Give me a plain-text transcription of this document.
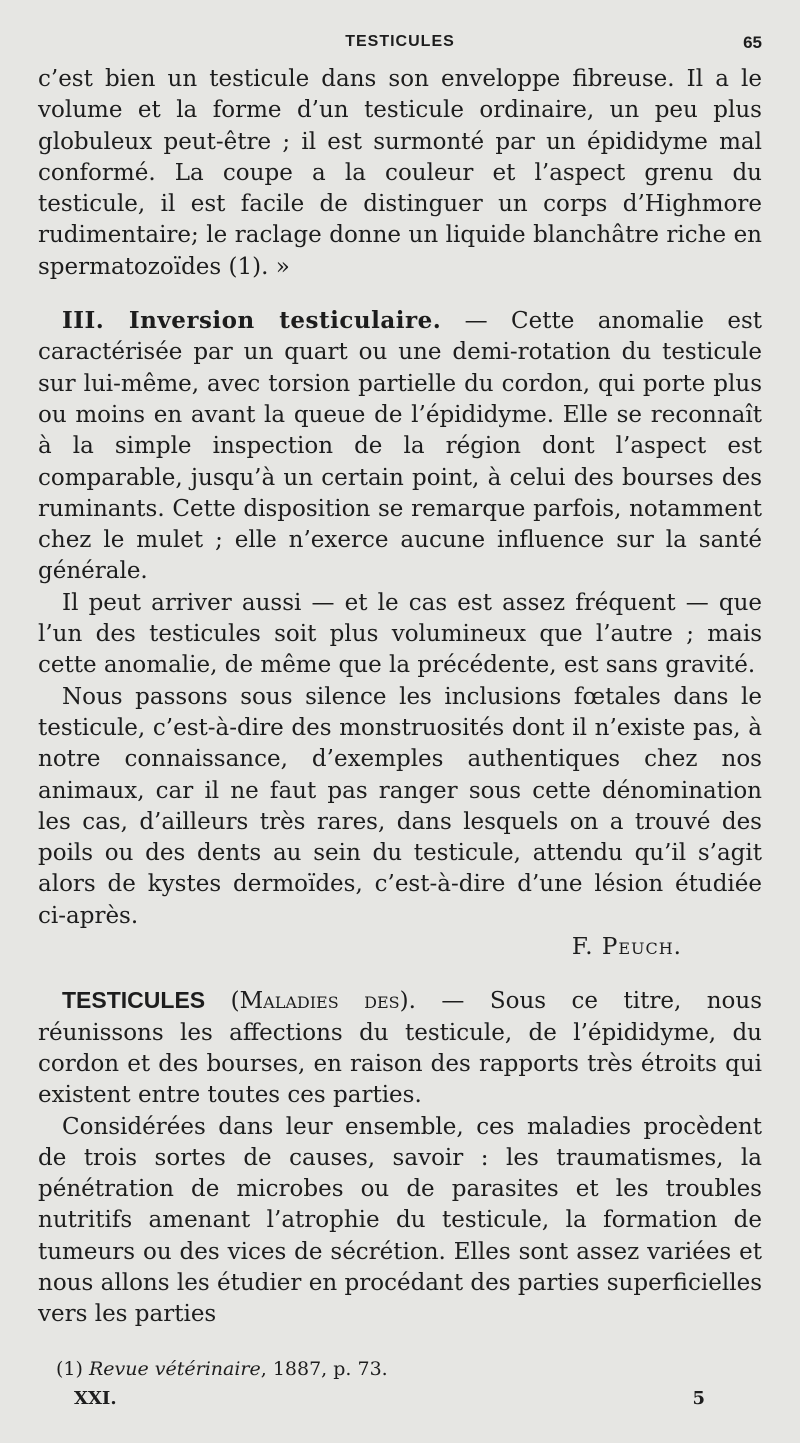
TESTICULES	65

c’est bien un testicule dans son enveloppe fibreuse. Il a le volume et la forme d’un testicule ordinaire, un peu plus globuleux peut-être ; il est surmonté par un épididyme mal conformé. La coupe a la couleur et l’aspect grenu du testicule, il est facile de distinguer un corps d’Highmore rudimentaire; le raclage donne un liquide blanchâtre riche en spermatozoïdes (1). »

III. Inversion testiculaire. — Cette anomalie est caractérisée par un quart ou une demi-rotation du testicule sur lui-même, avec torsion partielle du cordon, qui porte plus ou moins en avant la queue de l’épididyme. Elle se reconnaît à la simple inspection de la région dont l’aspect est comparable, jusqu’à un certain point, à celui des bourses des ruminants. Cette disposition se remarque parfois, notamment chez le mulet ; elle n’exerce aucune influence sur la santé générale.

Il peut arriver aussi — et le cas est assez fréquent — que l’un des testicules soit plus volumineux que l’autre ; mais cette anomalie, de même que la précédente, est sans gravité.

Nous passons sous silence les inclusions fœtales dans le testicule, c’est-à-dire des monstruosités dont il n’existe pas, à notre connaissance, d’exemples authentiques chez nos animaux, car il ne faut pas ranger sous cette dénomination les cas, d’ailleurs très rares, dans lesquels on a trouvé des poils ou des dents au sein du testicule, attendu qu’il s’agit alors de kystes dermoïdes, c’est-à-dire d’une lésion étudiée ci-après.

F. Peuch.

TESTICULES (Maladies des). — Sous ce titre, nous réunissons les affections du testicule, de l’épididyme, du cordon et des bourses, en raison des rapports très étroits qui existent entre toutes ces parties.

Considérées dans leur ensemble, ces maladies procèdent de trois sortes de causes, savoir : les traumatismes, la pénétration de microbes ou de parasites et les troubles nutritifs amenant l’atrophie du testicule, la formation de tumeurs ou des vices de sécrétion. Elles sont assez variées et nous allons les étudier en procédant des parties superficielles vers les parties

(1) Revue vétérinaire, 1887, p. 73.
XXI.	5
